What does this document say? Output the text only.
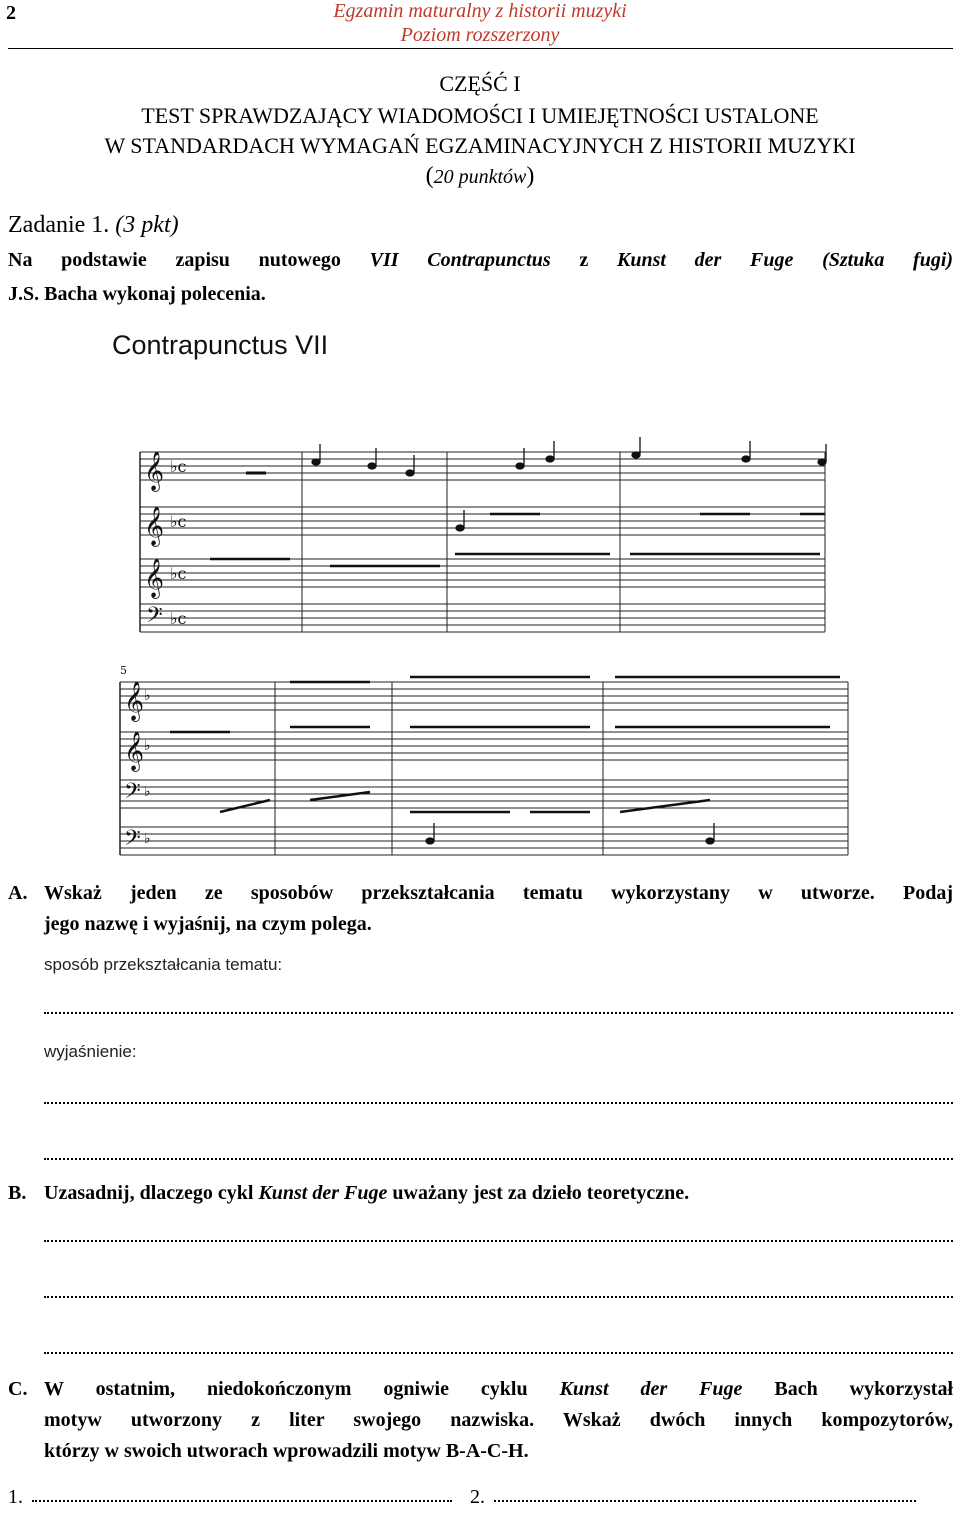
2	Egzamin maturalny z historii muzyki
Poziom rozszerzony
CZĘŚĆ I
TEST SPRAWDZAJĄCY WIADOMOŚCI I UMIEJĘTNOŚCI USTALONE
W STANDARDACH WYMAGAŃ EGZAMINACYJNYCH Z HISTORII MUZYKI
(20 punktów)
Zadanie 1. (3 pkt)
Na podstawie zapisu nutowego VII Contrapunctus z Kunst der Fuge (Sztuka fugi)
J.S. Bacha wykonaj polecenia.
Contrapunctus VII
𝄞
𝄞
𝄞
𝄢
♭c
♭c
♭c
♭c
𝄞
𝄞
𝄢
𝄢
♭
♭
♭
♭
5
A. Wskaż jeden ze sposobów przekształcania tematu wykorzystany w utworze. Podaj
jego nazwę i wyjaśnij, na czym polega.
sposób przekształcania tematu:
wyjaśnienie:
B. Uzasadnij, dlaczego cykl Kunst der Fuge uważany jest za dzieło teoretyczne.
C. W ostatnim, niedokończonym ogniwie cyklu Kunst der Fuge Bach wykorzystał
motyw utworzony z liter swojego nazwiska. Wskaż dwóch innych kompozytorów,
którzy w swoich utworach wprowadzili motyw B-A-C-H.
1.	2.
